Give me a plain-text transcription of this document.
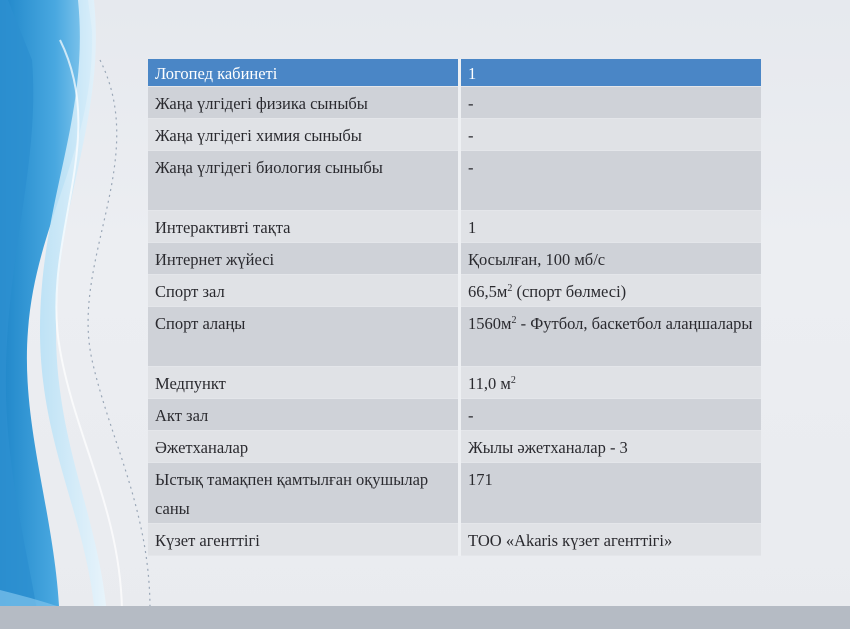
Логопед кабинеті	1
Жаңа үлгідегі физика сыныбы	-
Жаңа үлгідегі химия сыныбы	-
Жаңа үлгідегі биология сыныбы	-
Интерактивті тақта	1
Интернет жүйесі	Қосылған, 100 мб/с
Спорт зал	$66,5м^2$ (спорт бөлмесі)
Спорт алаңы	$1560м^2$ - Футбол, баскетбол алаңшалары
Медпункт	11,0 $м^2$
Акт зал	-
Әжетханалар	Жылы әжетханалар - 3
Ыстық тамақпен қамтылған оқушылар саны	171
Күзет агенттігі	ТОО «Akaris күзет агенттігі»
